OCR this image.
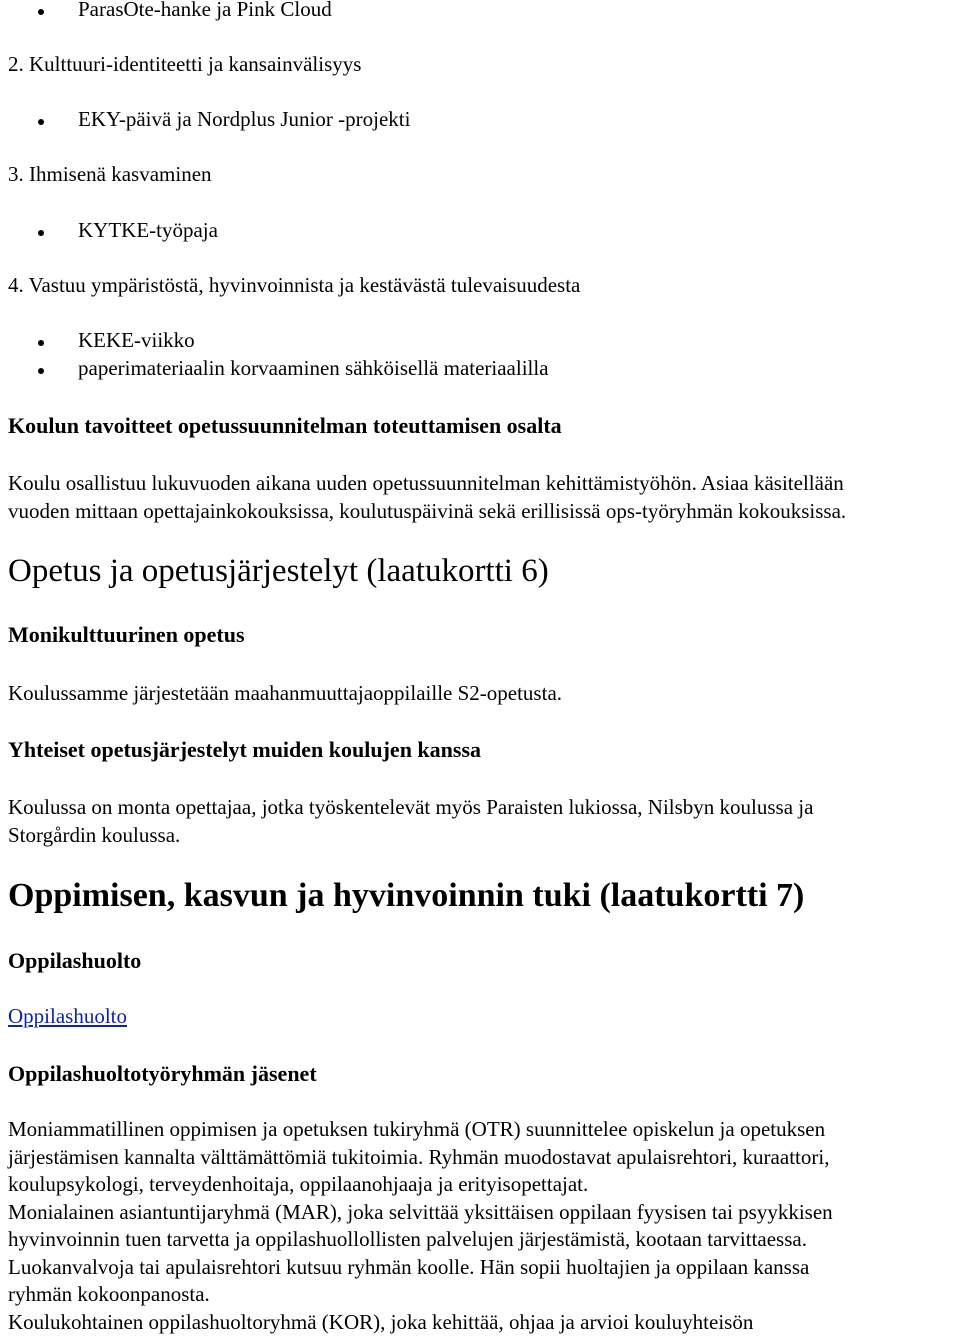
ParasOte-hanke ja Pink Cloud
2. Kulttuuri-identiteetti ja kansainvälisyys
EKY-päivä ja Nordplus Junior -projekti
3. Ihmisenä kasvaminen
KYTKE-työpaja
4. Vastuu ympäristöstä, hyvinvoinnista ja kestävästä tulevaisuudesta
KEKE-viikko
paperimateriaalin korvaaminen sähköisellä materiaalilla
Koulun tavoitteet opetussuunnitelman toteuttamisen osalta
Koulu osallistuu lukuvuoden aikana uuden opetussuunnitelman kehittämistyöhön. Asiaa käsitellään
vuoden mittaan opettajainkokouksissa, koulutuspäivinä sekä erillisissä ops-työryhmän kokouksissa.
Opetus ja opetusjärjestelyt (laatukortti 6)
Monikulttuurinen opetus
Koulussamme järjestetään maahanmuuttajaoppilaille S2-opetusta.
Yhteiset opetusjärjestelyt muiden koulujen kanssa
Koulussa on monta opettajaa, jotka työskentelevät myös Paraisten lukiossa, Nilsbyn koulussa ja
Storgårdin koulussa.
Oppimisen, kasvun ja hyvinvoinnin tuki (laatukortti 7)
Oppilashuolto
Oppilashuolto
Oppilashuoltotyöryhmän jäsenet
Moniammatillinen oppimisen ja opetuksen tukiryhmä (OTR) suunnittelee opiskelun ja opetuksen
järjestämisen kannalta välttämättömiä tukitoimia. Ryhmän muodostavat apulaisrehtori, kuraattori,
koulupsykologi, terveydenhoitaja, oppilaanohjaaja ja erityisopettajat.
Monialainen asiantuntijaryhmä (MAR), joka selvittää yksittäisen oppilaan fyysisen tai psyykkisen
hyvinvoinnin tuen tarvetta ja oppilashuollollisten palvelujen järjestämistä, kootaan tarvittaessa.
Luokanvalvoja tai apulaisrehtori kutsuu ryhmän koolle. Hän sopii huoltajien ja oppilaan kanssa
ryhmän kokoonpanosta.
Koulukohtainen oppilashuoltoryhmä (KOR), joka kehittää, ohjaa ja arvioi kouluyhteisön
